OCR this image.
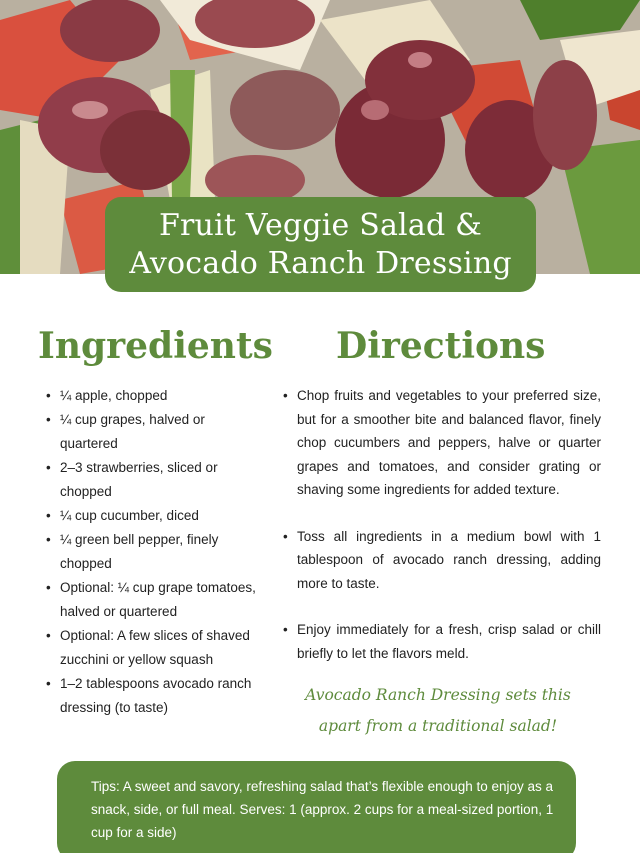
Fruit Veggie Salad &
Avocado Ranch Dressing
Ingredients Directions
• ¼ apple, chopped
• ¼ cup grapes, halved or quartered
• 2–3 strawberries, sliced or chopped
• ¼ cup cucumber, diced
• ¼ green bell pepper, finely chopped
• Optional: ¼ cup grape tomatoes, halved or quartered
• Optional: A few slices of shaved zucchini or yellow squash
• 1–2 tablespoons avocado ranch dressing (to taste)
• Chop fruits and vegetables to your preferred size, but for a smoother bite and balanced flavor, finely chop cucumbers and peppers, halve or quarter grapes and tomatoes, and consider grating or shaving some ingredients for added texture.
• Toss all ingredients in a medium bowl with 1 tablespoon of avocado ranch dressing, adding more to taste.
• Enjoy immediately for a fresh, crisp salad or chill briefly to let the flavors meld.
Avocado Ranch Dressing sets this
apart from a traditional salad!

Tips: A sweet and savory, refreshing salad that’s flexible enough to enjoy as a snack, side, or full meal. Serves: 1 (approx. 2 cups for a meal-sized portion, 1 cup for a side)
